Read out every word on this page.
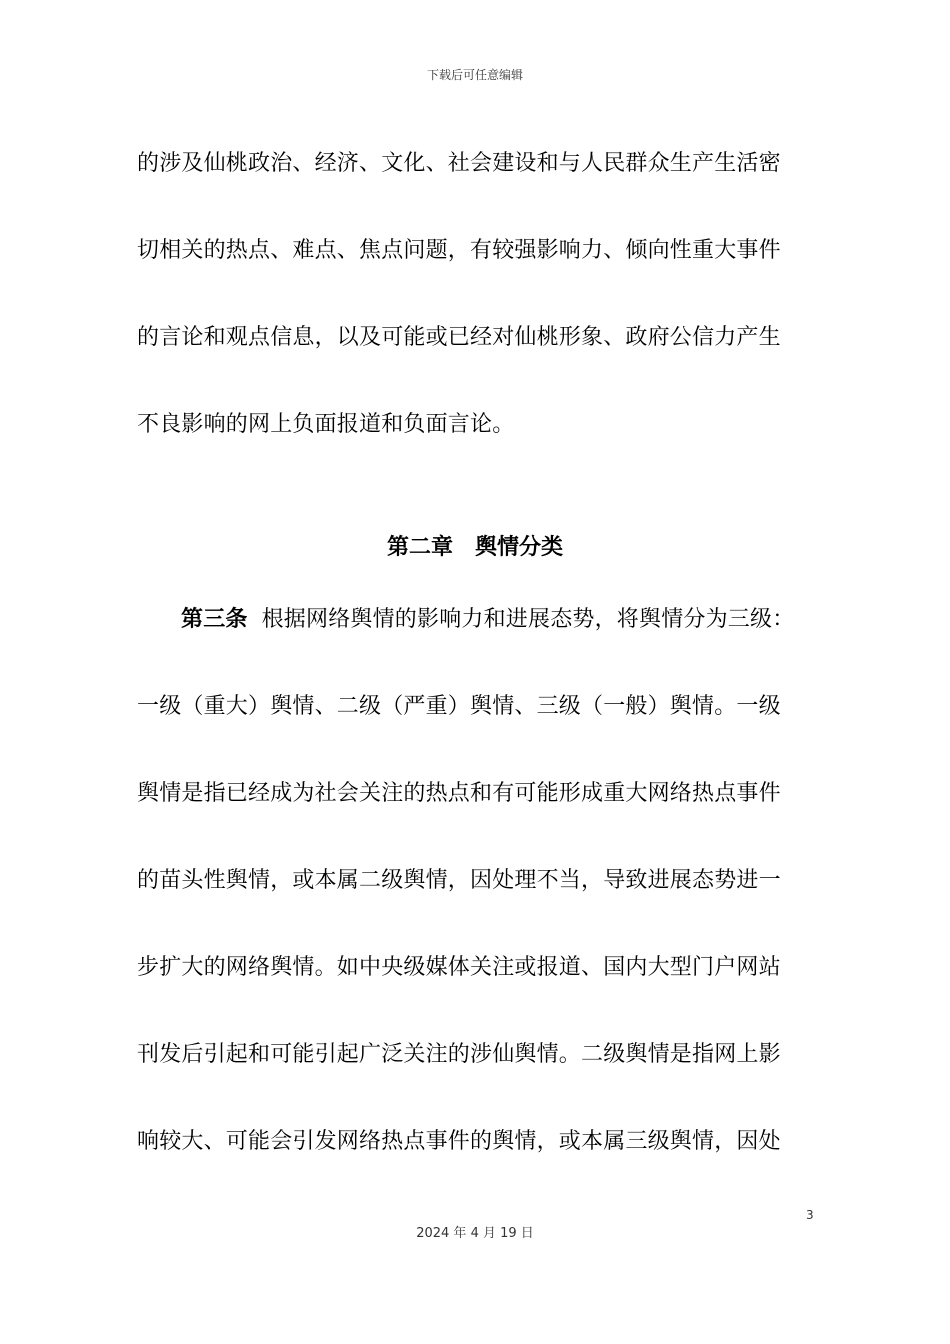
下载后可任意编辑
的涉及仙桃政治、经济、文化、社会建设和与人民群众生产生活密
切相关的热点、难点、焦点问题，有较强影响力、倾向性重大事件
的言论和观点信息，以及可能或已经对仙桃形象、政府公信力产生
不良影响的网上负面报道和负面言论。
第二章　舆情分类
第三条 根据网络舆情的影响力和进展态势，将舆情分为三级：
一级（重大）舆情、二级（严重）舆情、三级（一般）舆情。一级
舆情是指已经成为社会关注的热点和有可能形成重大网络热点事件
的苗头性舆情，或本属二级舆情，因处理不当，导致进展态势进一
步扩大的网络舆情。如中央级媒体关注或报道、国内大型门户网站
刊发后引起和可能引起广泛关注的涉仙舆情。二级舆情是指网上影
响较大、可能会引发网络热点事件的舆情，或本属三级舆情，因处
3
2024 年 4 月 19 日
